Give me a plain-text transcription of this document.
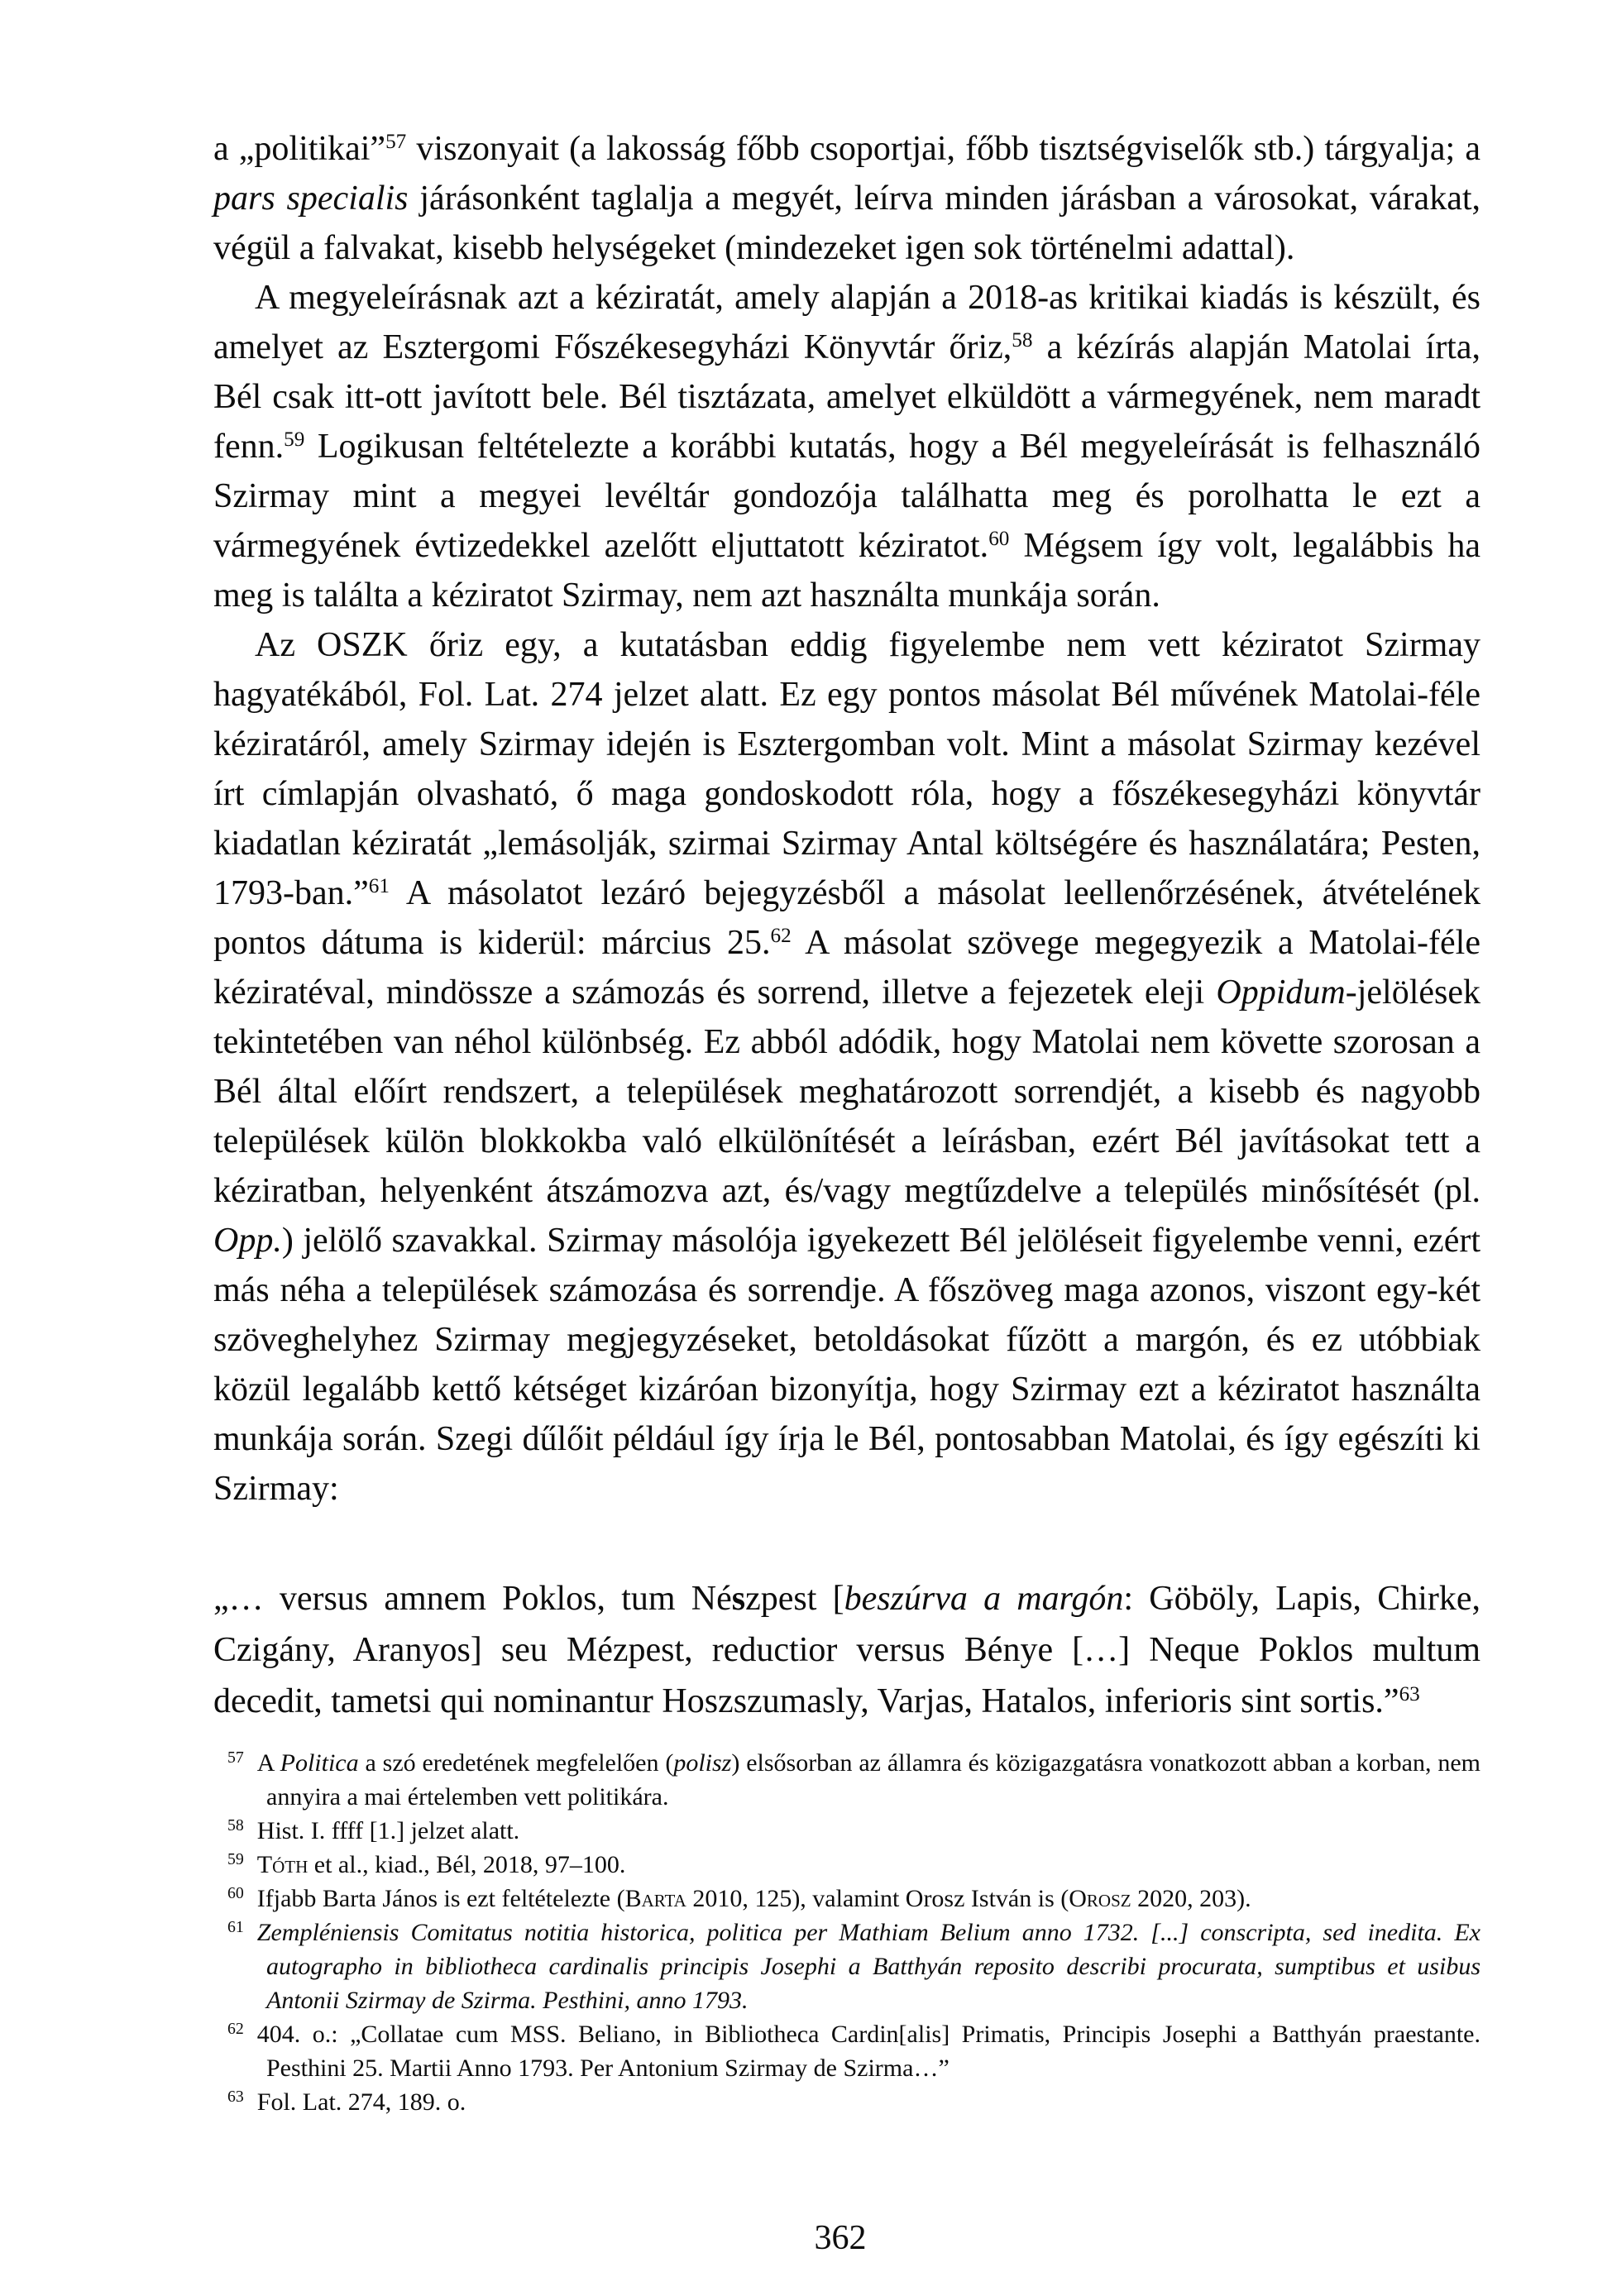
a „politikai”$^{57}$ viszonyait (a lakosság főbb csoportjai, főbb tisztségviselők stb.) tárgyalja; a pars specialis járásonként taglalja a megyét, leírva minden járásban a városokat, várakat, végül a falvakat, kisebb helységeket (mindezeket igen sok történelmi adattal).

A megyeleírásnak azt a kéziratát, amely alapján a 2018-as kritikai kiadás is készült, és amelyet az Esztergomi Főszékesegyházi Könyvtár őriz,$^{58}$ a kézírás alapján Matolai írta, Bél csak itt-ott javított bele. Bél tisztázata, amelyet elküldött a vármegyének, nem maradt fenn.$^{59}$ Logikusan feltételezte a korábbi kutatás, hogy a Bél megyeleírását is felhasználó Szirmay mint a megyei levéltár gondozója találhatta meg és porolhatta le ezt a vármegyének évtizedekkel azelőtt eljuttatott kéziratot.$^{60}$ Mégsem így volt, legalábbis ha meg is találta a kéziratot Szirmay, nem azt használta munkája során.

Az OSZK őriz egy, a kutatásban eddig figyelembe nem vett kéziratot Szirmay hagyatékából, Fol. Lat. 274 jelzet alatt. Ez egy pontos másolat Bél művének Matolai-féle kéziratáról, amely Szirmay idején is Esztergomban volt. Mint a másolat Szirmay kezével írt címlapján olvasható, ő maga gondoskodott róla, hogy a főszékesegyházi könyvtár kiadatlan kéziratát „lemásolják, szirmai Szirmay Antal költségére és használatára; Pesten, 1793-ban.”$^{61}$ A másolatot lezáró bejegyzésből a másolat leellenőrzésének, átvételének pontos dátuma is kiderül: március 25.62 A másolat szövege megegyezik a Matolai-féle kéziratéval, mindössze a számozás és sorrend, illetve a fejezetek eleji Oppidum-jelölések tekintetében van néhol különbség. Ez abból adódik, hogy Matolai nem követte szorosan a Bél által előírt rendszert, a települések meghatározott sorrendjét, a kisebb és nagyobb települések külön blokkokba való elkülönítését a leírásban, ezért Bél javításokat tett a kéziratban, helyenként átszámozva azt, és/vagy megtűzdelve a település minősítését (pl. Opp.) jelölő szavakkal. Szirmay másolója igyekezett Bél jelöléseit figyelembe venni, ezért más néha a települések számozása és sorrendje. A főszöveg maga azonos, viszont egy-két szöveghelyhez Szirmay megjegyzéseket, betoldásokat fűzött a margón, és ez utóbbiak közül legalább kettő kétséget kizáróan bizonyítja, hogy Szirmay ezt a kéziratot használta munkája során. Szegi dűlőit például így írja le Bél, pontosabban Matolai, és így egészíti ki Szirmay:

„… versus amnem Poklos, tum Nészpest [beszúrva a margón: Göböly, Lapis, Chirke, Czigány, Aranyos] seu Mézpest, reductior versus Bénye […] Neque Poklos multum decedit, tametsi qui nominantur Hoszszumasly, Varjas, Hatalos, inferioris sint sortis.”$^{63}$
$^{57}$ A Politica a szó eredetének megfelelően (polisz) elsősorban az államra és közigazgatásra vonatkozott abban a korban, nem annyira a mai értelemben vett politikára.
$^{58}$ Hist. I. ffff [1.] jelzet alatt.
$^{59}$ Tóth et al., kiad., Bél, 2018, 97–100.
$^{60}$ Ifjabb Barta János is ezt feltételezte (Barta 2010, 125), valamint Orosz István is (Orosz 2020, 203).
$^{61}$ Zempléniensis Comitatus notitia historica, politica per Mathiam Belium anno 1732. [...] conscripta, sed inedita. Ex autographo in bibliotheca cardinalis principis Josephi a Batthyán reposito describi procurata, sumptibus et usibus Antonii Szirmay de Szirma. Pesthini, anno 1793.
$^{62}$ 404. o.: „Collatae cum MSS. Beliano, in Bibliotheca Cardin[alis] Primatis, Principis Josephi a Batthyán praestante. Pesthini 25. Martii Anno 1793. Per Antonium Szirmay de Szirma…”
$^{63}$ Fol. Lat. 274, 189. o.
362
